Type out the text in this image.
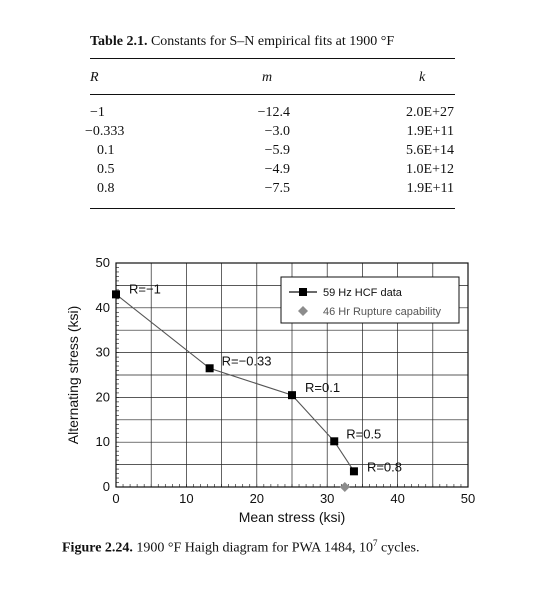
Table 2.1. Constants for S–N empirical fits at 1900 °F
R	m	k
−1	−12.4	2.0E+27
−0.333	−3.0	1.9E+11
0.1	−5.9	5.6E+14
0.5	−4.9	1.0E+12
0.8	−7.5	1.9E+11
0	10	20	30	40	50
0
10
20
30
40
50
R=−1
R=−0.33
R=0.1
R=0.5
R=0.8
59 Hz HCF data
46 Hr Rupture capability
Mean stress (ksi)
Alternating stress (ksi)
Figure 2.24. 1900 °F Haigh diagram for PWA 1484, $10^7$ cycles.
